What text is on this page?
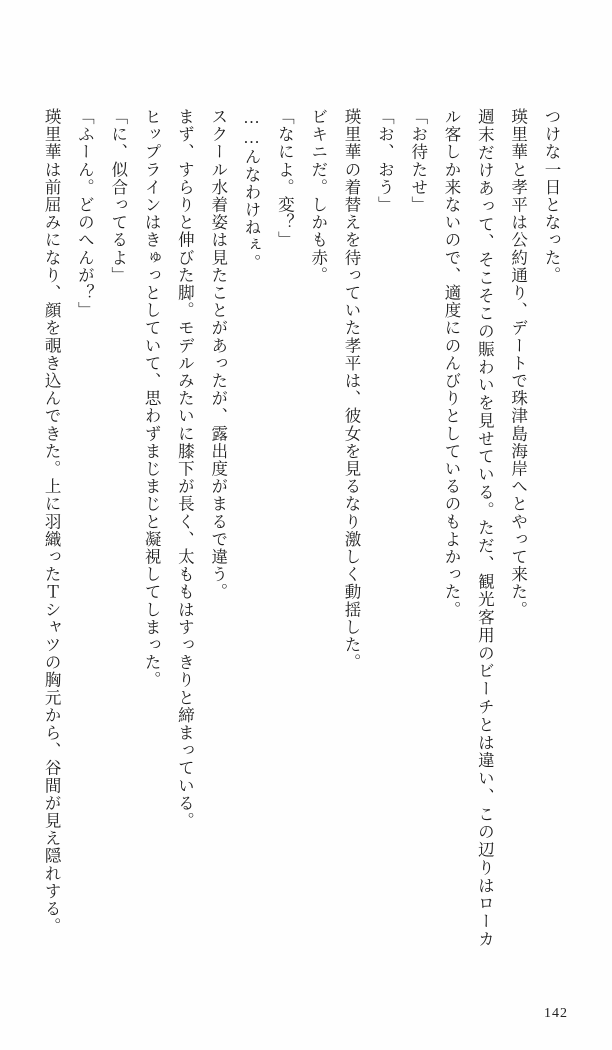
つけな一日となった。

瑛里華と孝平は公約通り、デートで珠津島海岸へとやって来た。

週末だけあって、そこそこの賑わいを見せている。ただ、観光客用のビーチとは違い、この辺りはローカル客しか来ないので、適度にのんびりとしているのもよかった。

「お待たせ」

「お、おう」

瑛里華の着替えを待っていた孝平は、彼女を見るなり激しく動揺した。

ビキニだ。しかも赤。

「なによ。変？」

……んなわけねぇ。

スクール水着姿は見たことがあったが、露出度がまるで違う。

まず、すらりと伸びた脚。モデルみたいに膝下が長く、太ももはすっきりと締まっている。

ヒップラインはきゅっとしていて、思わずまじまじと凝視してしまった。

「に、似合ってるよ」

「ふーん。どのへんが？」

瑛里華は前屈みになり、顔を覗き込んできた。上に羽織ったＴシャツの胸元から、谷間が見え隠れする。

142
